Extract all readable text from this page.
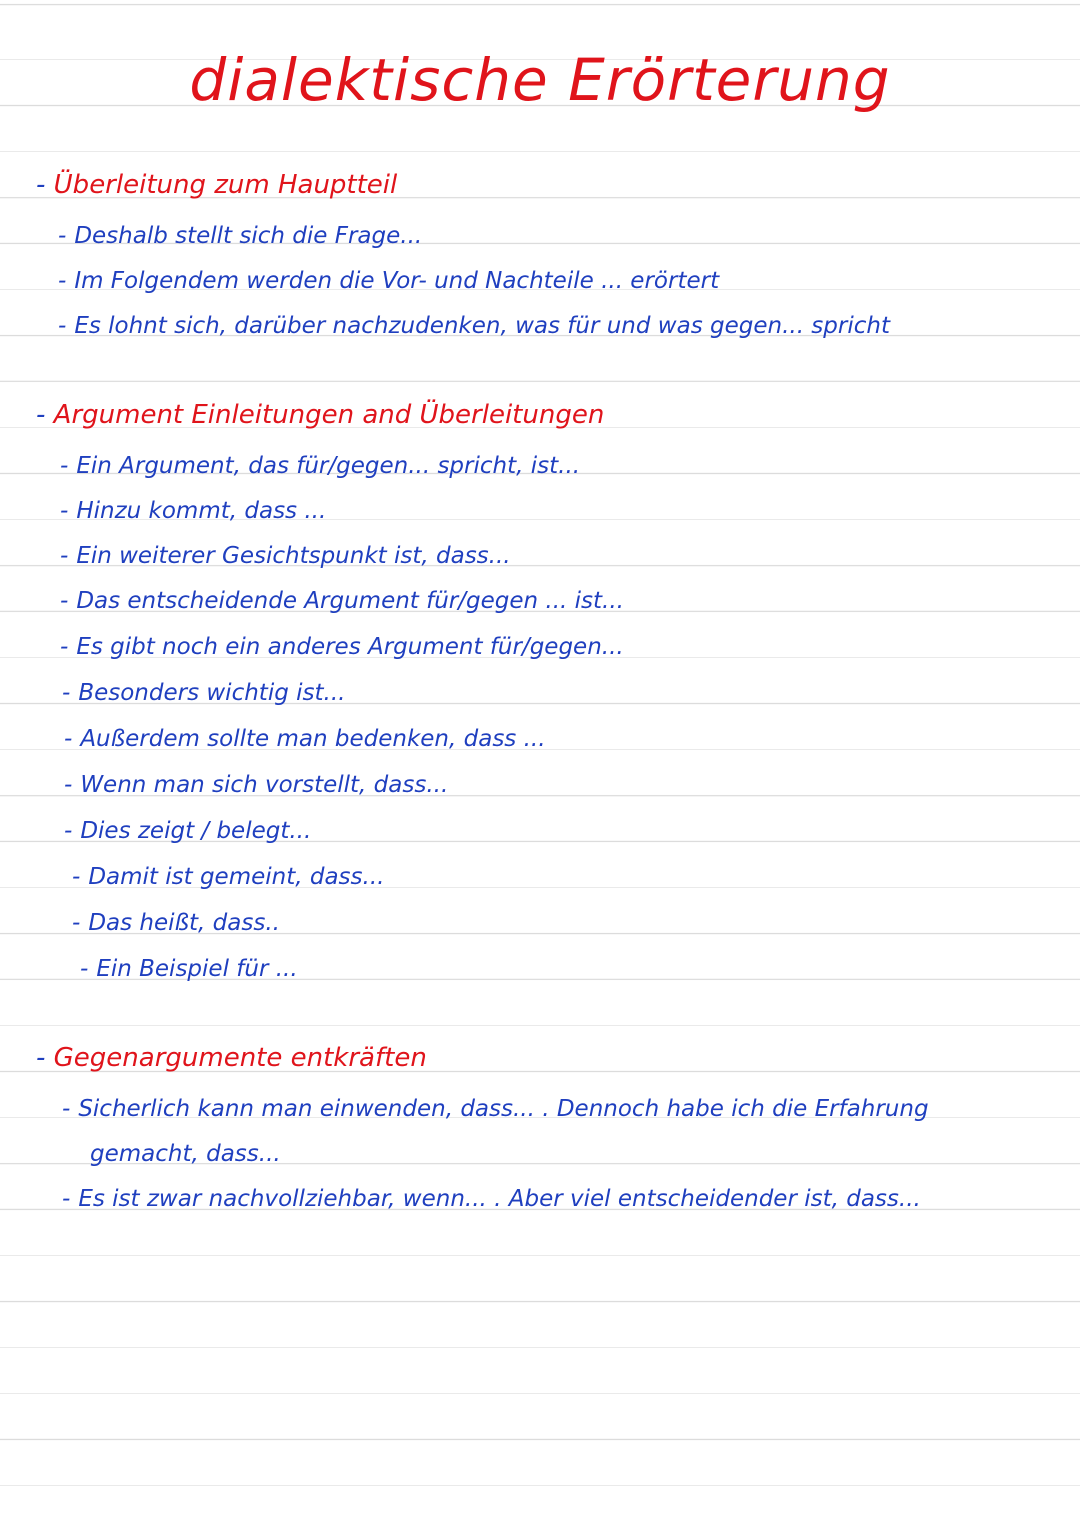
dialektische Erörterung
- Überleitung zum Hauptteil
- Deshalb stellt sich die Frage...
- Im Folgendem werden die Vor- und Nachteile ... erörtert
- Es lohnt sich, darüber nachzudenken, was für und was gegen... spricht
- Argument Einleitungen and Überleitungen
- Ein Argument, das für/gegen... spricht, ist...
- Hinzu kommt, dass ...
- Ein weiterer Gesichtspunkt ist, dass...
- Das entscheidende Argument für/gegen ... ist...
- Es gibt noch ein anderes Argument für/gegen...
- Besonders wichtig ist...
- Außerdem sollte man bedenken, dass ...
- Wenn man sich vorstellt, dass...
- Dies zeigt / belegt...
- Damit ist gemeint, dass...
- Das heißt, dass..
- Ein Beispiel für ...
- Gegenargumente entkräften
- Sicherlich kann man einwenden, dass... . Dennoch habe ich die Erfahrung
gemacht, dass...
- Es ist zwar nachvollziehbar, wenn... . Aber viel entscheidender ist, dass...
